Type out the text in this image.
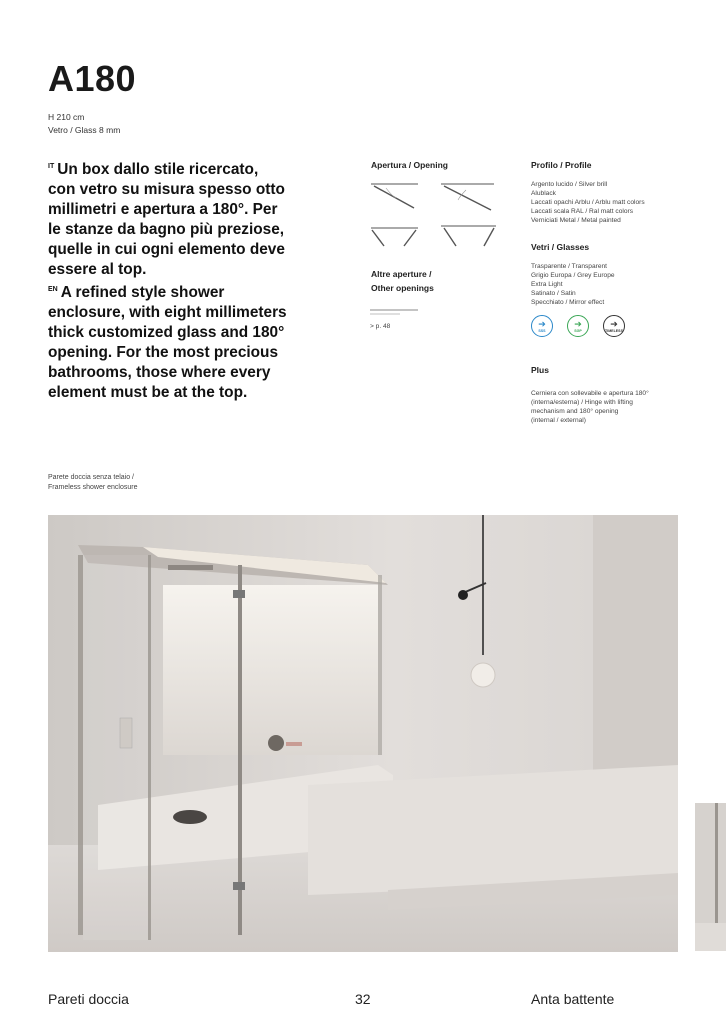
A180
H 210 cm
Vetro / Glass 8 mm

$^{IT}$ Un box dallo stile ricercato, con vetro su misura spesso otto millimetri e apertura a 180°. Per le stanze da bagno più preziose, quelle in cui ogni elemento deve essere al top.

$^{EN}$ A refined style shower enclosure, with eight millimeters thick customized glass and 180° opening. For the most precious bathrooms, those where every element must be at the top.

Parete doccia senza telaio /
Frameless shower enclosure
Apertura / Opening
Altre aperture /
Other openings
> p. 48
Profilo / Profile
Argento lucido / Silver brill
Alublack
Laccati opachi Arblu / Arblu matt colors
Laccati scala RAL / Ral matt colors
Verniciati Metal / Metal painted
Vetri / Glasses
Trasparente / Transparent
Grigio Europa / Grey Europe
Extra Light
Satinato / Satin
Specchiato / Mirror effect
➔
SSS
➔
SGP
➔
TIMELESS
Plus
Cerniera con sollevabile e apertura 180°
(interna/esterna) / Hinge with lifting
mechanism and 180° opening
(internal / external)
Pareti doccia	32	Anta battente
